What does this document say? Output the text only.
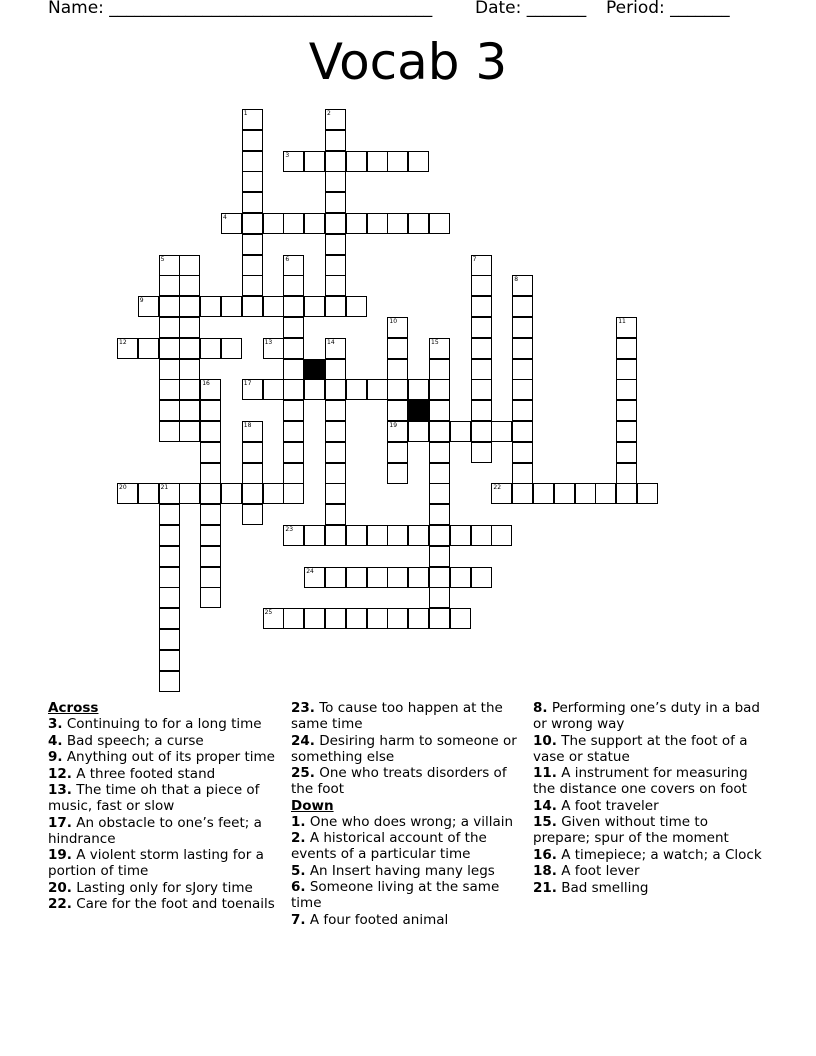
Name: ______________________________________	Date: _______ Period: _______
Vocab 3
1	2
3
4
5	6	7
8
9
10
19
11
12	13	14	15
16	17
18
20	21	22
23
24
25
Across
3. Continuing to for a long time
4. Bad speech; a curse
9. Anything out of its proper time
12. A three footed stand
13. The time oh that a piece of music, fast or slow
17. An obstacle to one’s feet; a hindrance
19. A violent storm lasting for a portion of time
20. Lasting only for sJory time
22. Care for the foot and toenails
23. To cause too happen at the same time
24. Desiring harm to someone or something else
25. One who treats disorders of the foot
Down
1. One who does wrong; a villain
2. A historical account of the events of a particular time
5. An Insert having many legs
6. Someone living at the same time
7. A four footed animal
8. Performing one’s duty in a bad or wrong way
10. The support at the foot of a vase or statue
11. A instrument for measuring the distance one covers on foot
14. A foot traveler
15. Given without time to prepare; spur of the moment
16. A timepiece; a watch; a Clock
18. A foot lever
21. Bad smelling
